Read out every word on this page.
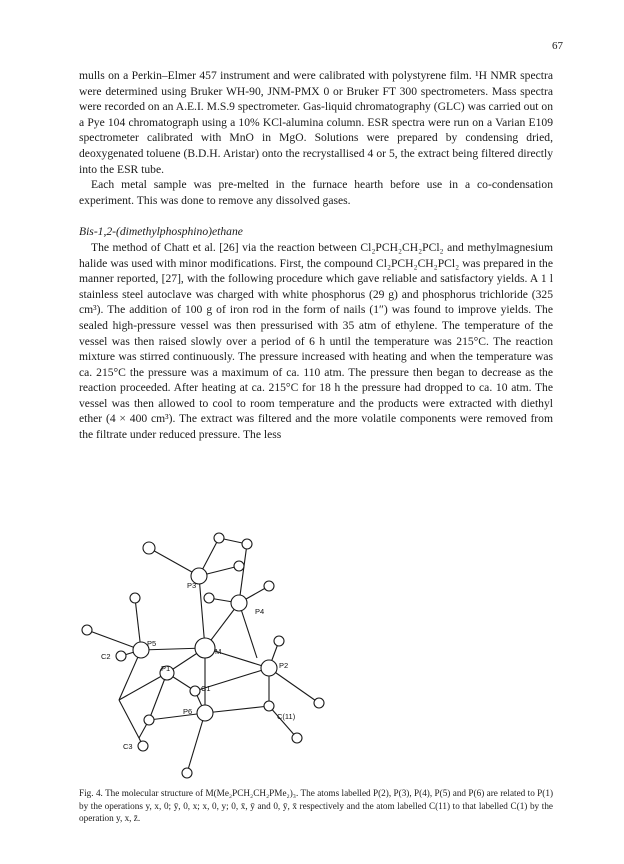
67

mulls on a Perkin–Elmer 457 instrument and were calibrated with polystyrene film. ¹H NMR spectra were determined using Bruker WH-90, JNM-PMX 0 or Bruker FT 300 spectrometers. Mass spectra were recorded on an A.E.I. M.S.9 spectrometer. Gas-liquid chromatography (GLC) was carried out on a Pye 104 chromatograph using a 10% KCl-alumina column. ESR spectra were run on a Varian E109 spectrometer calibrated with MnO in MgO. Solutions were prepared by condensing dried, deoxygenated toluene (B.D.H. Aristar) onto the recrystallised 4 or 5, the extract being filtered directly into the ESR tube.

Each metal sample was pre-melted in the furnace hearth before use in a co-condensation experiment. This was done to remove any dissolved gases.

Bis-1,2-(dimethylphosphino)ethane

The method of Chatt et al. [26] via the reaction between Cl₂PCH₂CH₂PCl₂ and methylmagnesium halide was used with minor modifications. First, the compound Cl₂PCH₂CH₂PCl₂ was prepared in the manner reported, [27], with the following procedure which gave reliable and satisfactory yields. A 1 l stainless steel autoclave was charged with white phosphorus (29 g) and phosphorus trichloride (325 cm³). The addition of 100 g of iron rod in the form of nails (1″) was found to improve yields. The sealed high-pressure vessel was then pressurised with 35 atm of ethylene. The temperature of the vessel was then raised slowly over a period of 6 h until the temperature was 215°C. The reaction mixture was stirred continuously. The pressure increased with heating and when the temperature was ca. 215°C the pressure was a maximum of ca. 110 atm. The pressure then began to decrease as the reaction proceeded. After heating at ca. 215°C for 18 h the pressure had dropped to ca. 10 atm. The vessel was then allowed to cool to room temperature and the products were extracted with diethyl ether (4 × 400 cm³). The extract was filtered and the more volatile components were removed from the filtrate under reduced pressure. The less

P3
P4
P5
C2
M
P1	P2
C1
P6
C(11)
C3
Fig. 4. The molecular structure of M(Me₂PCH₂CH₂PMe₂)₃. The atoms labelled P(2), P(3), P(4), P(5) and P(6) are related to P(1) by the operations y, x, 0; ȳ, 0, x; x, 0, y; 0, x̄, ȳ and 0, ȳ, x̄ respectively and the atom labelled C(11) to that labelled C(1) by the operation y, x, z̄.
